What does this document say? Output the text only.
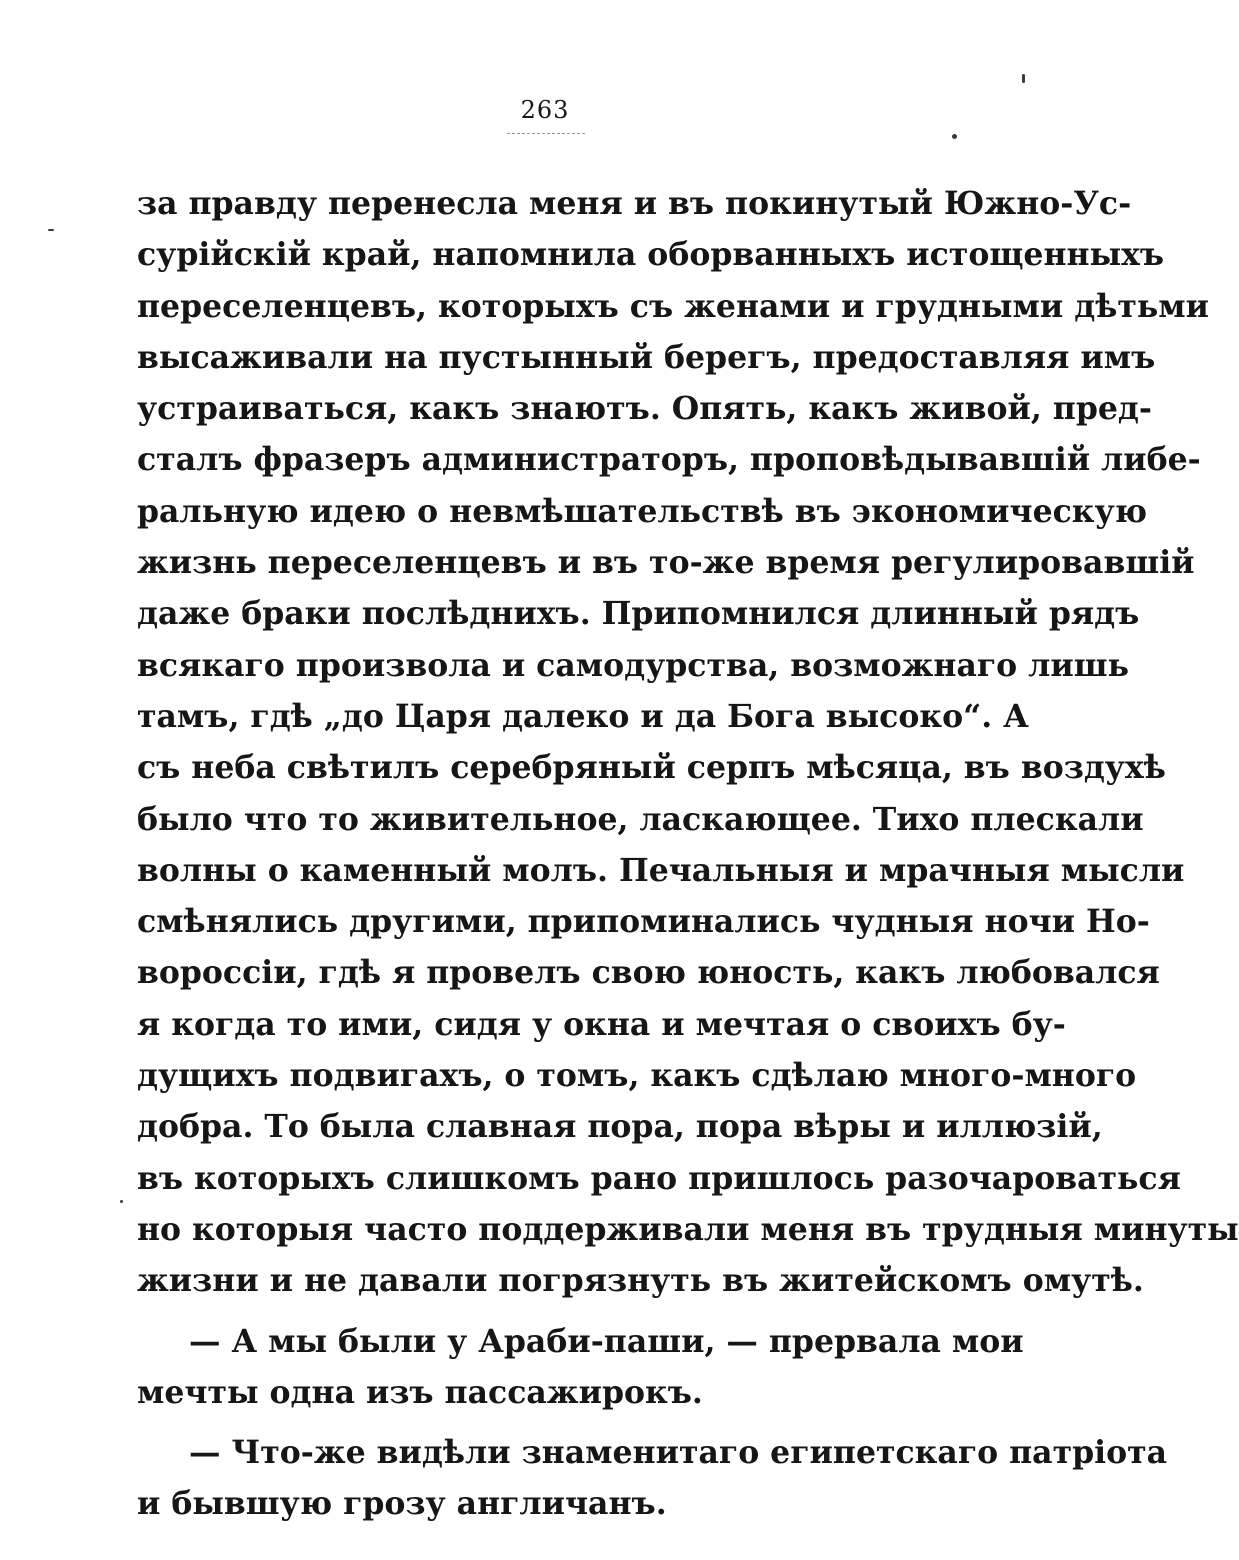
263
за правду перенесла меня и въ покинутый Южно-Ус-
сурійскій край, напомнила оборванныхъ истощенныхъ
переселенцевъ, которыхъ съ женами и грудными дѣтьми
высаживали на пустынный берегъ, предоставляя имъ
устраиваться, какъ знаютъ. Опять, какъ живой, пред-
сталъ фразеръ администраторъ, проповѣдывавшій либе-
ральную идею о невмѣшательствѣ въ экономическую
жизнь переселенцевъ и въ то-же время регулировавшій
даже браки послѣднихъ. Припомнился длинный рядъ
всякаго произвола и самодурства, возможнаго лишь
тамъ, гдѣ „до Царя далеко и да Бога высоко“. А
съ неба свѣтилъ серебряный серпъ мѣсяца, въ воздухѣ
было что то живительное, ласкающее. Тихо плескали
волны о каменный молъ. Печальныя и мрачныя мысли
смѣнялись другими, припоминались чудныя ночи Но-
вороссіи, гдѣ я провелъ свою юность, какъ любовался
я когда то ими, сидя у окна и мечтая о своихъ бу-
дущихъ подвигахъ, о томъ, какъ сдѣлаю много-много
добра. То была славная пора, пора вѣры и иллюзій,
въ которыхъ слишкомъ рано пришлось разочароваться
но которыя часто поддерживали меня въ трудныя минуты
жизни и не давали погрязнуть въ житейскомъ омутѣ.
— А мы были у Араби-паши, — прервала мои
мечты одна изъ пассажирокъ.
— Что-же видѣли знаменитаго египетскаго патріота
и бывшую грозу англичанъ.
